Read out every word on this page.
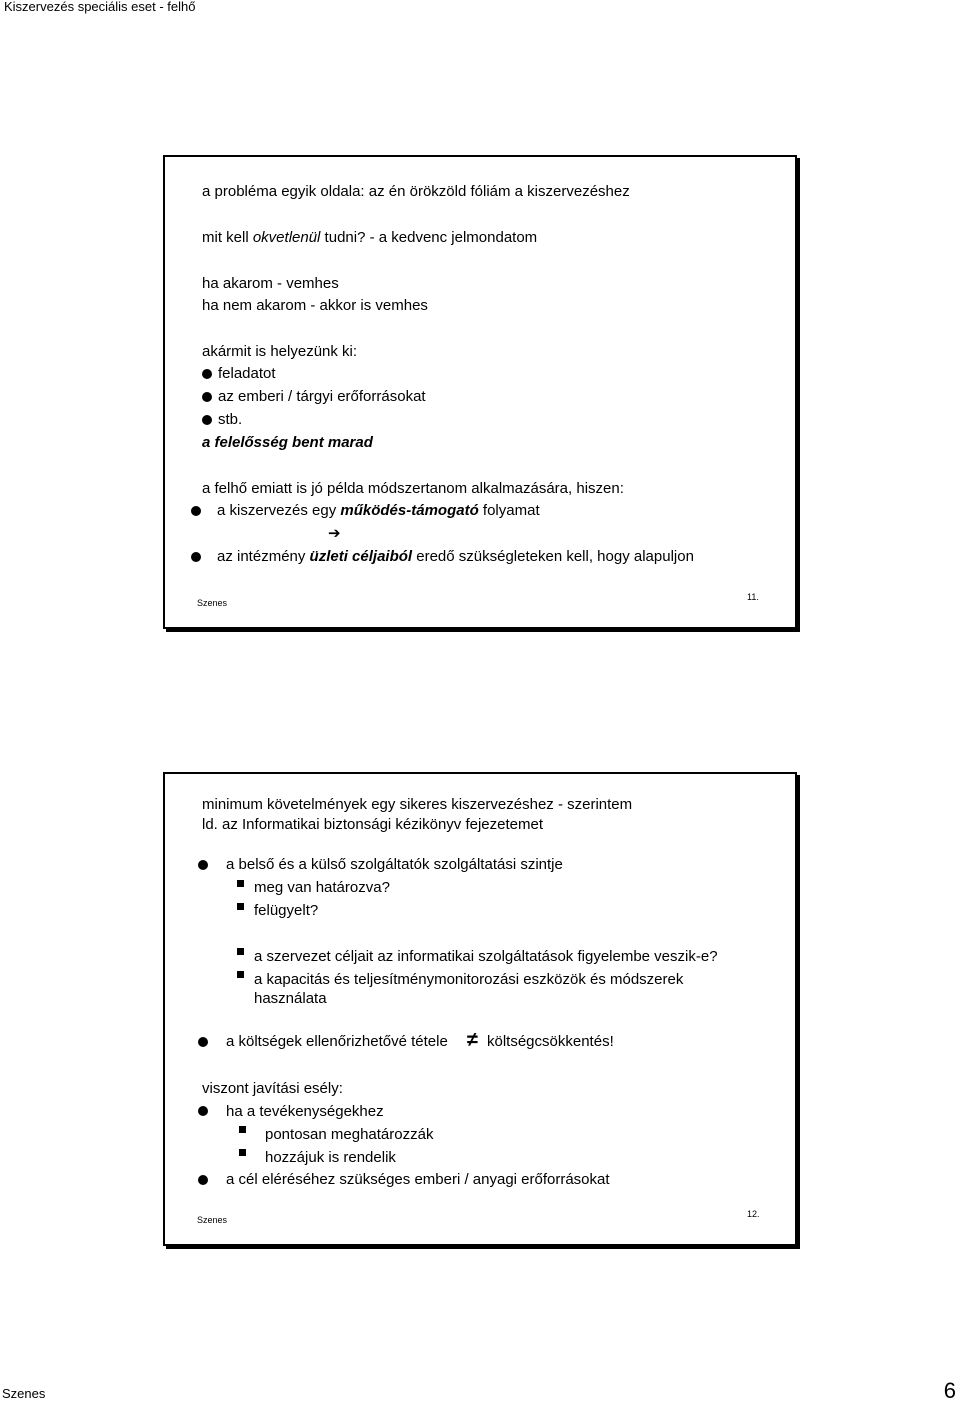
Kiszervezés speciális eset - felhő
a probléma egyik oldala: az én örökzöld fóliám a kiszervezéshez
mit kell okvetlenül tudni? - a kedvenc jelmondatom
ha akarom - vemhes
ha nem akarom - akkor is vemhes
akármit is helyezünk ki:
feladatot
az emberi / tárgyi erőforrásokat
stb.
a felelősség bent marad
a felhő emiatt is jó példa módszertanom alkalmazására, hiszen:
a kiszervezés egy működés-támogató folyamat
➔
az intézmény üzleti céljaiból eredő szükségleteken kell, hogy alapuljon
Szenes
11.
minimum követelmények egy sikeres kiszervezéshez - szerintem
ld. az Informatikai biztonsági kézikönyv fejezetemet
a belső és a külső szolgáltatók szolgáltatási szintje
meg van határozva?
felügyelt?
a szervezet céljait az informatikai szolgáltatások figyelembe veszik-e?
a kapacitás és teljesítménymonitorozási eszközök és módszerek
használata
a költségek ellenőrizhetővé tétele ≠ költségcsökkentés!
viszont javítási esély:
ha a tevékenységekhez
pontosan meghatározzák
hozzájuk is rendelik
a cél eléréséhez szükséges emberi / anyagi erőforrásokat
Szenes
12.
Szenes	6
